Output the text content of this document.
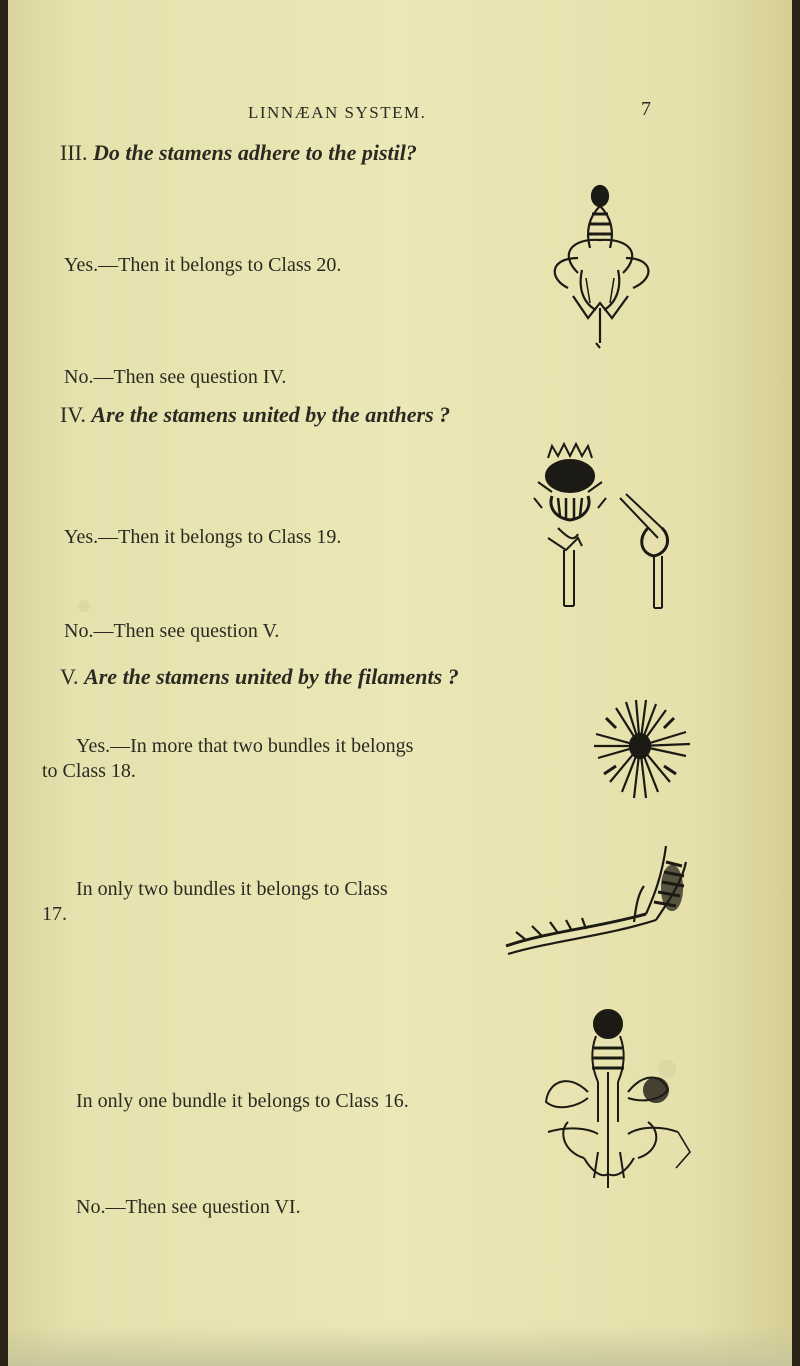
LINNÆAN SYSTEM.	7
III. Do the stamens adhere to the pistil?
Yes.—Then it belongs to Class 20.
No.—Then see question IV.
IV. Are the stamens united by the anthers ?
Yes.—Then it belongs to Class 19.
No.—Then see question V.
V. Are the stamens united by the filaments ?
Yes.—In more that two bundles it belongs
to Class 18.
In only two bundles it belongs to Class
17.
In only one bundle it belongs to Class 16.
No.—Then see question VI.
